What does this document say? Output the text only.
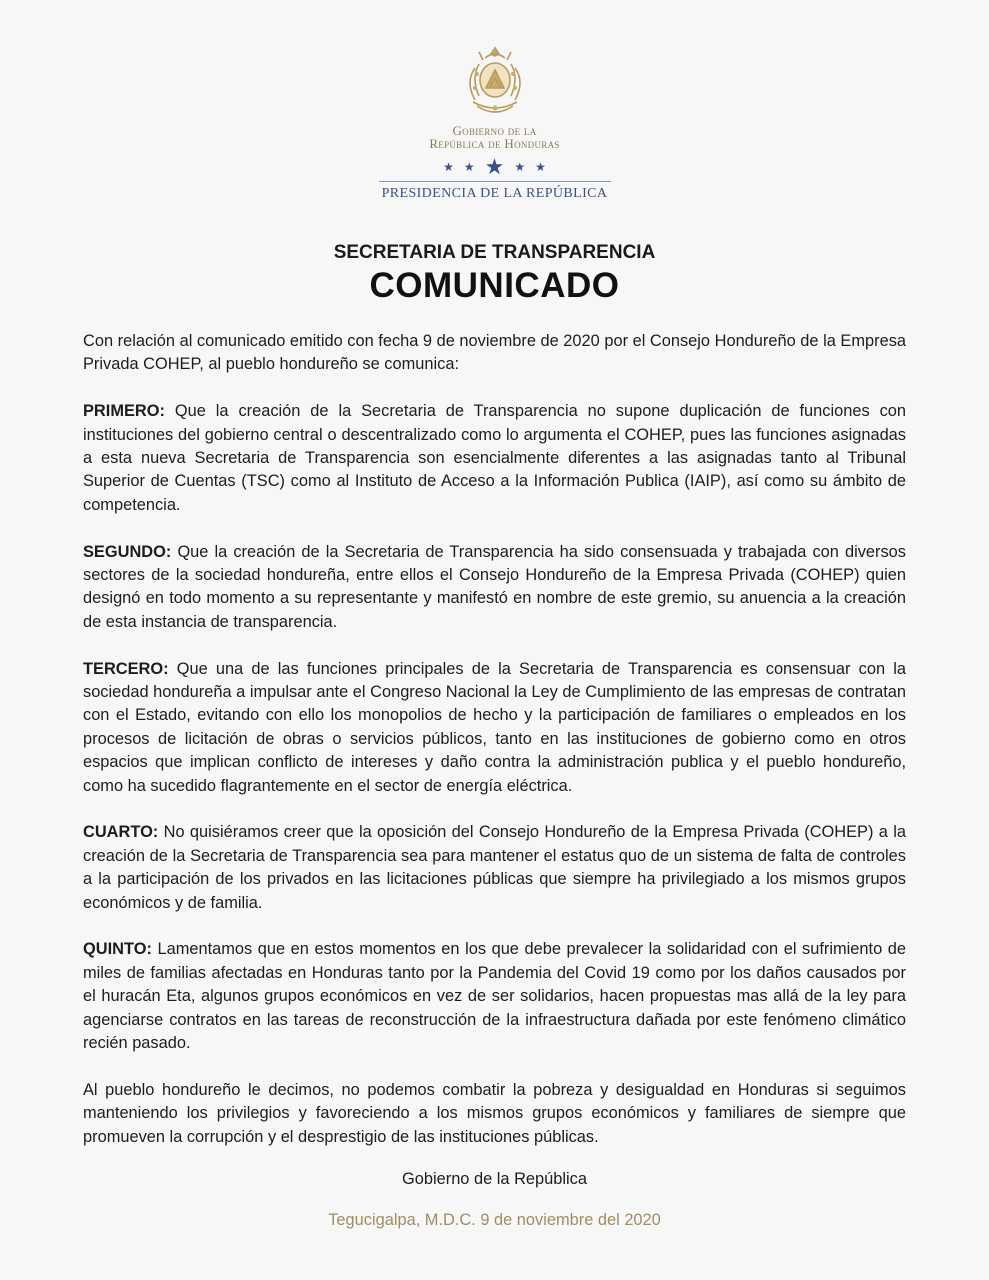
Gobierno de la
República de Honduras
★ ★ ★ ★ ★
PRESIDENCIA DE LA REPÚBLICA
SECRETARIA DE TRANSPARENCIA
COMUNICADO

Con relación al comunicado emitido con fecha 9 de noviembre de 2020 por el Consejo Hondureño de la Empresa Privada COHEP, al pueblo hondureño se comunica:

PRIMERO: Que la creación de la Secretaria de Transparencia no supone duplicación de funciones con instituciones del gobierno central o descentralizado como lo argumenta el COHEP, pues las funciones asignadas a esta nueva Secretaria de Transparencia son esencialmente diferentes a las asignadas tanto al Tribunal Superior de Cuentas (TSC) como al Instituto de Acceso a la Información Publica (IAIP), así como su ámbito de competencia.

SEGUNDO: Que la creación de la Secretaria de Transparencia ha sido consensuada y trabajada con diversos sectores de la sociedad hondureña, entre ellos el Consejo Hondureño de la Empresa Privada (COHEP) quien designó en todo momento a su representante y manifestó en nombre de este gremio, su anuencia a la creación de esta instancia de transparencia.

TERCERO: Que una de las funciones principales de la Secretaria de Transparencia es consensuar con la sociedad hondureña a impulsar ante el Congreso Nacional la Ley de Cumplimiento de las empresas de contratan con el Estado, evitando con ello los monopolios de hecho y la participación de familiares o empleados en los procesos de licitación de obras o servicios públicos, tanto en las instituciones de gobierno como en otros espacios que implican conflicto de intereses y daño contra la administración publica y el pueblo hondureño, como ha sucedido flagrantemente en el sector de energía eléctrica.

CUARTO: No quisiéramos creer que la oposición del Consejo Hondureño de la Empresa Privada (COHEP) a la creación de la Secretaria de Transparencia sea para mantener el estatus quo de un sistema de falta de controles a la participación de los privados en las licitaciones públicas que siempre ha privilegiado a los mismos grupos económicos y de familia.

QUINTO: Lamentamos que en estos momentos en los que debe prevalecer la solidaridad con el sufrimiento de miles de familias afectadas en Honduras tanto por la Pandemia del Covid 19 como por los daños causados por el huracán Eta, algunos grupos económicos en vez de ser solidarios, hacen propuestas mas allá de la ley para agenciarse contratos en las tareas de reconstrucción de la infraestructura dañada por este fenómeno climático recién pasado.

Al pueblo hondureño le decimos, no podemos combatir la pobreza y desigualdad en Honduras si seguimos manteniendo los privilegios y favoreciendo a los mismos grupos económicos y familiares de siempre que promueven la corrupción y el desprestigio de las instituciones públicas.

Gobierno de la República
Tegucigalpa, M.D.C. 9 de noviembre del 2020
